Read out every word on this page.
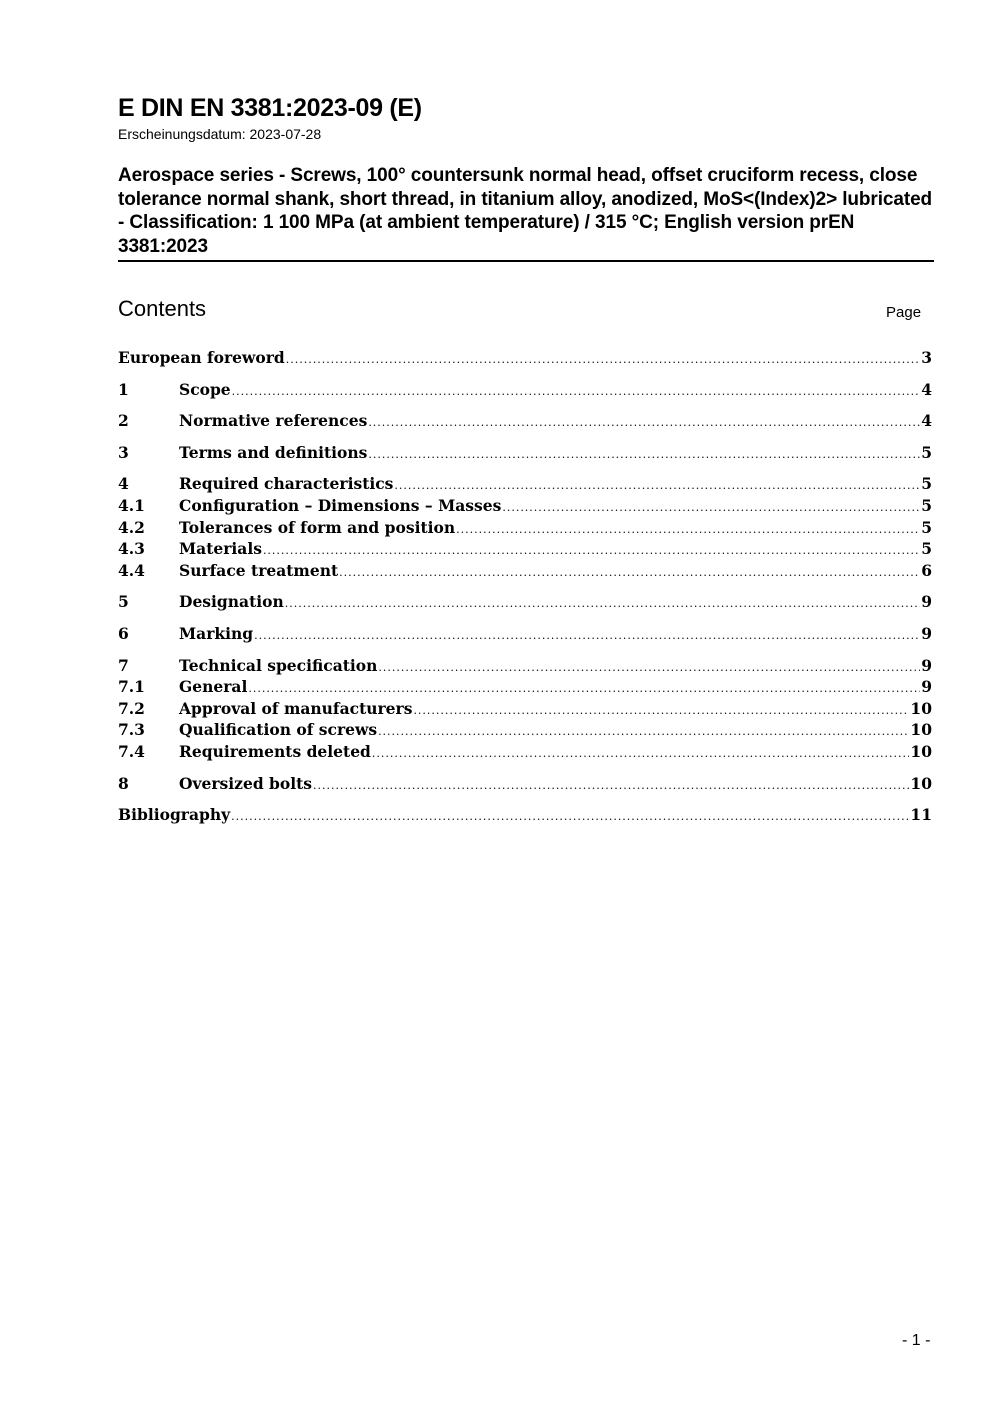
E DIN EN 3381:2023-09 (E)

Erscheinungsdatum: 2023-07-28

Aerospace series - Screws, 100° countersunk normal head, offset cruciform recess, close tolerance normal shank, short thread, in titanium alloy, anodized, MoS<(Index)2> lubricated - Classification: 1 100 MPa (at ambient temperature) / 315 °C; English version prEN 3381:2023
Contents	Page
European foreword .....	3
1	Scope .....	4
2	Normative references .....	4
3	Terms and definitions .....	5
4	Required characteristics .....	5
4.1	Configuration – Dimensions – Masses .....	5
4.2	Tolerances of form and position .....	5
4.3	Materials .....	5
4.4	Surface treatment .....	6
5	Designation .....	9
6	Marking .....	9
7	Technical specification .....	9
7.1	General .....	9
7.2	Approval of manufacturers .....	10
7.3	Qualification of screws .....	10
7.4	Requirements deleted .....	10
8	Oversized bolts .....	10
Bibliography .....	11
- 1 -
